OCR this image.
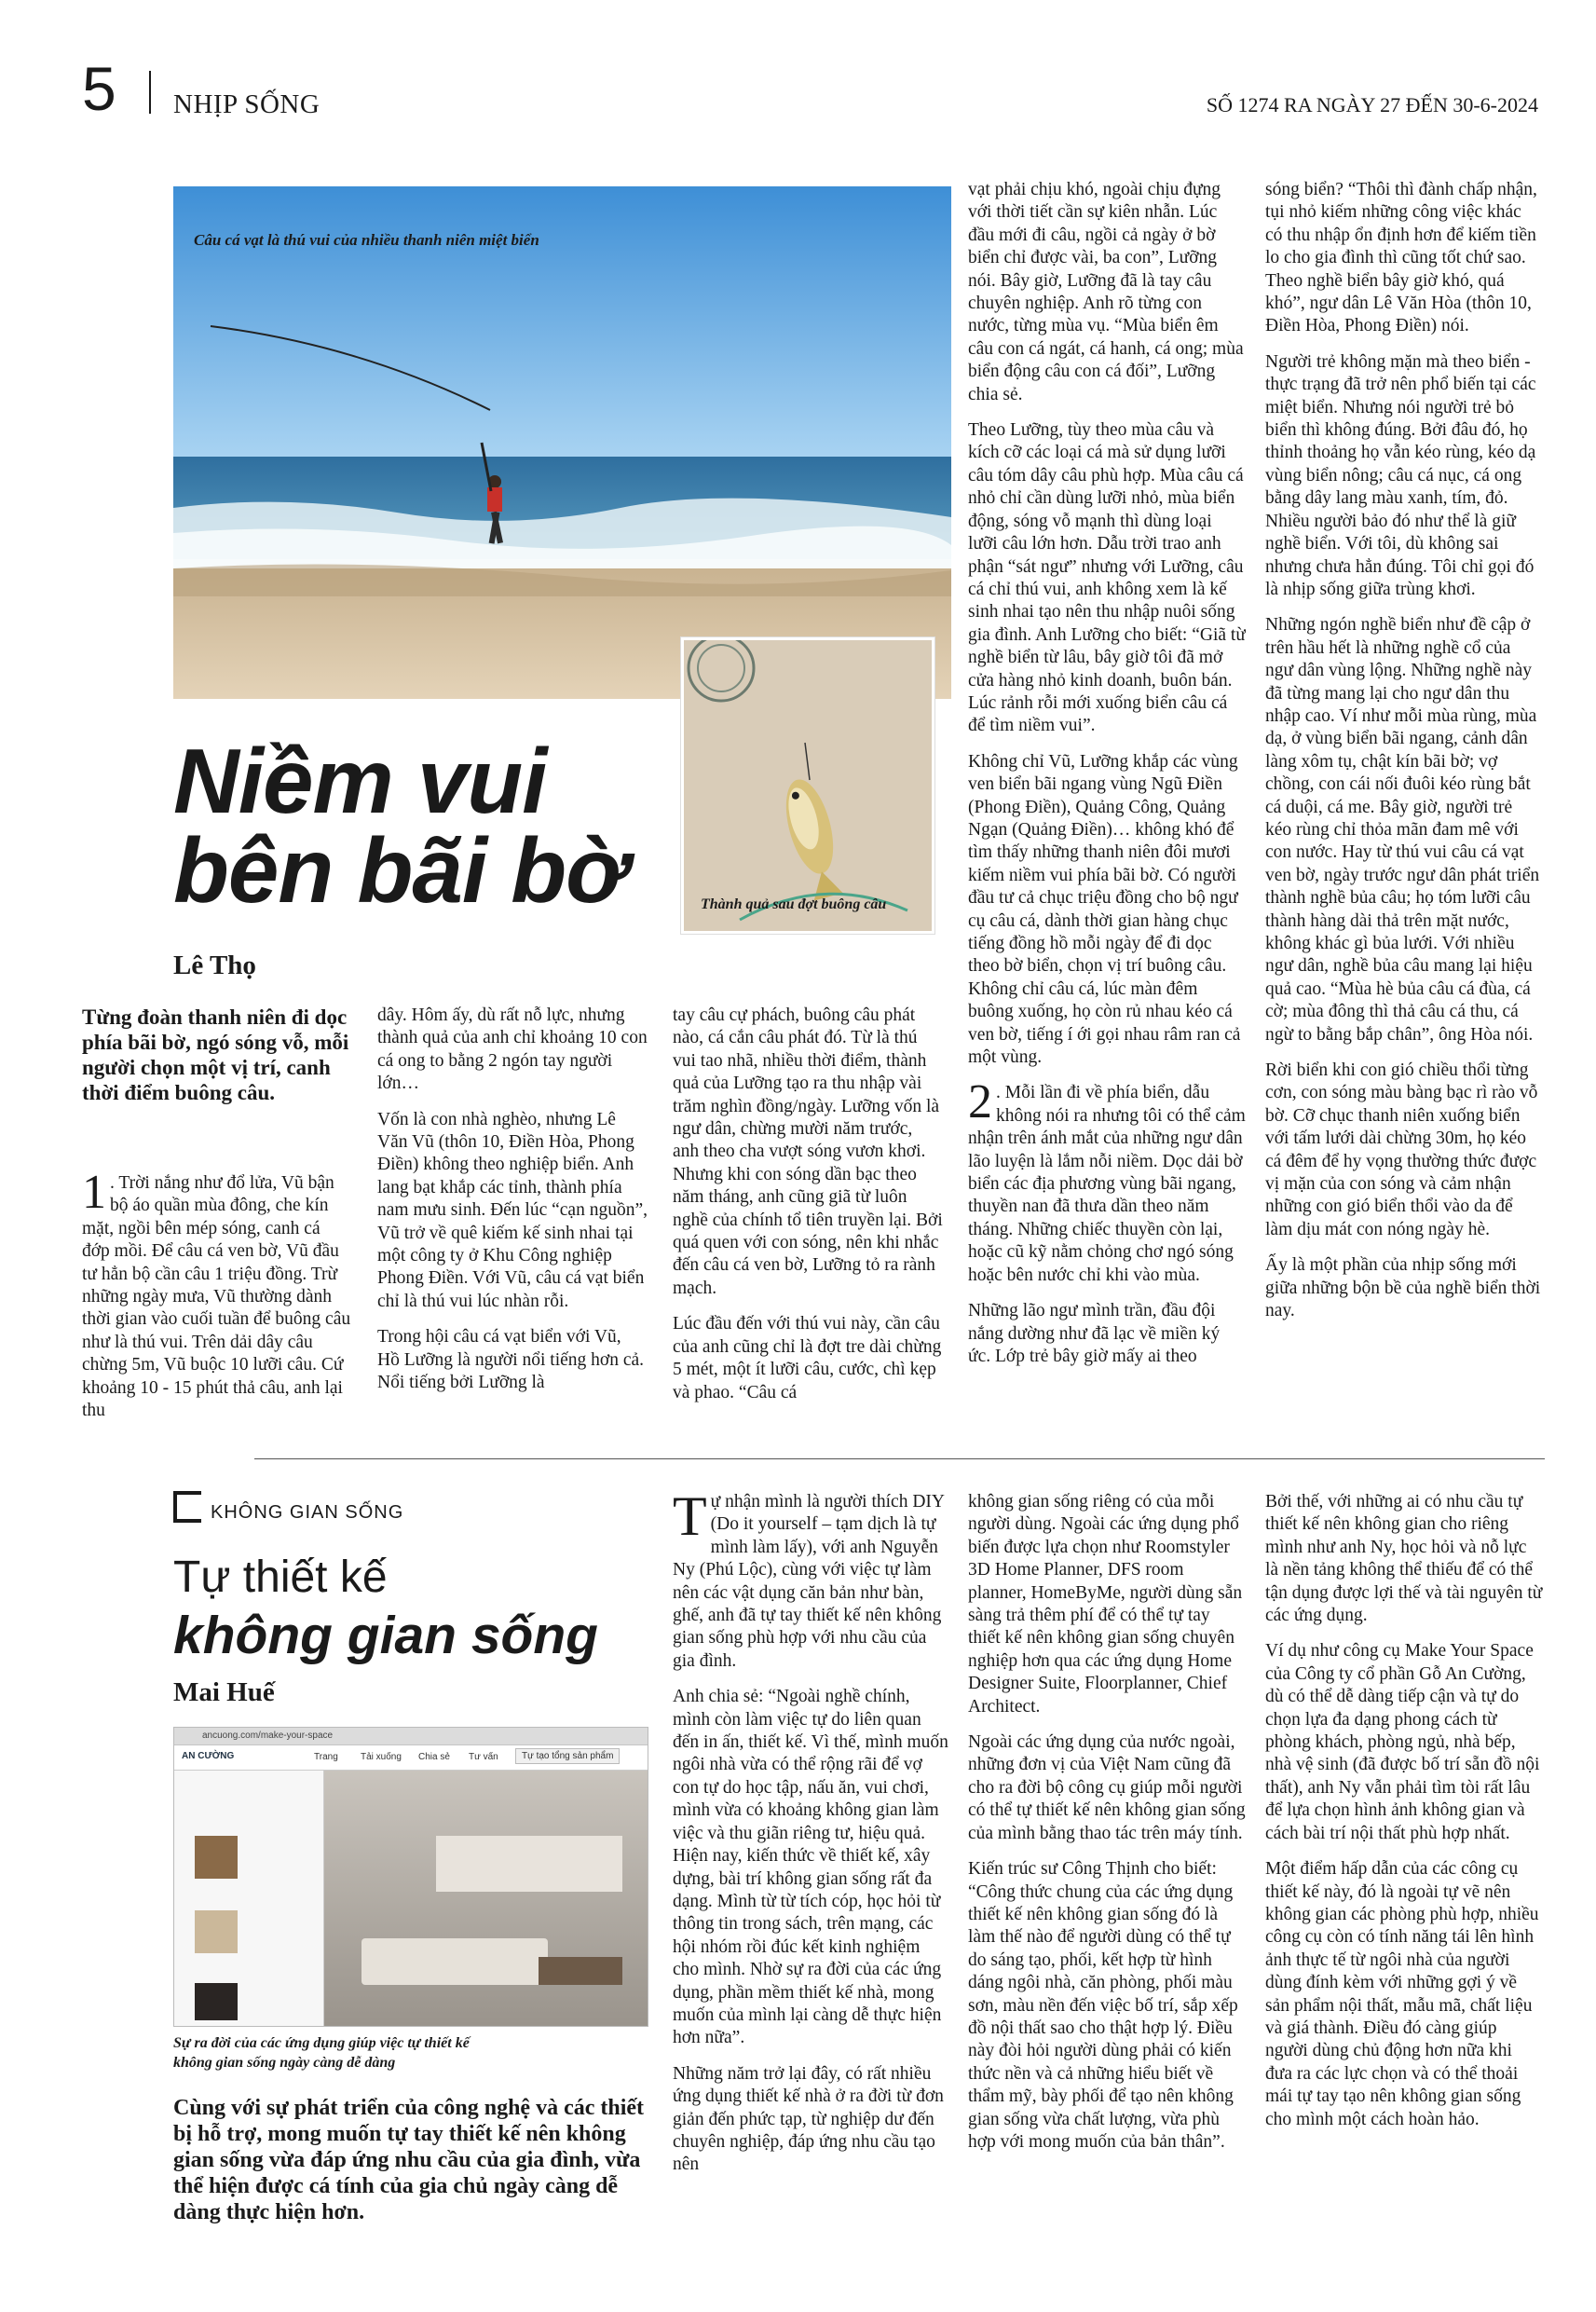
5 NHỊP SỐNG	SỐ 1274 RA NGÀY 27 ĐẾN 30-6-2024
Câu cá vạt là thú vui của nhiều thanh niên miệt biển
Thành quả sau đợt buông câu
Niềm vui
bên bãi bờ
Lê Thọ
Từng đoàn thanh niên đi dọc phía bãi bờ, ngó sóng vỗ, mỗi người chọn một vị trí, canh thời điểm buông câu.

1 . Trời nắng như đổ lửa, Vũ bận bộ áo quần mùa đông, che kín mặt, ngồi bên mép sóng, canh cá đớp mồi. Để câu cá ven bờ, Vũ đầu tư hẳn bộ cần câu 1 triệu đồng. Trừ những ngày mưa, Vũ thường dành thời gian vào cuối tuần để buông câu như là thú vui. Trên dải dây câu chừng 5m, Vũ buộc 10 lưỡi câu. Cứ khoảng 10 - 15 phút thả câu, anh lại thu

dây. Hôm ấy, dù rất nỗ lực, nhưng thành quả của anh chỉ khoảng 10 con cá ong to bằng 2 ngón tay người lớn…

Vốn là con nhà nghèo, nhưng Lê Văn Vũ (thôn 10, Điền Hòa, Phong Điền) không theo nghiệp biển. Anh lang bạt khắp các tỉnh, thành phía nam mưu sinh. Đến lúc “cạn nguồn”, Vũ trở về quê kiếm kế sinh nhai tại một công ty ở Khu Công nghiệp Phong Điền. Với Vũ, câu cá vạt biển chỉ là thú vui lúc nhàn rỗi.

Trong hội câu cá vạt biển với Vũ, Hồ Lưỡng là người nổi tiếng hơn cả. Nổi tiếng bởi Lưỡng là

tay câu cự phách, buông câu phát nào, cá cắn câu phát đó. Từ là thú vui tao nhã, nhiều thời điểm, thành quả của Lưỡng tạo ra thu nhập vài trăm nghìn đồng/ngày. Lưỡng vốn là ngư dân, chừng mười năm trước, anh theo cha vượt sóng vươn khơi. Nhưng khi con sóng dần bạc theo năm tháng, anh cũng giã từ luôn nghề của chính tổ tiên truyền lại. Bởi quá quen với con sóng, nên khi nhắc đến câu cá ven bờ, Lưỡng tỏ ra rành mạch.

Lúc đầu đến với thú vui này, cần câu của anh cũng chỉ là đợt tre dài chừng 5 mét, một ít lưỡi câu, cước, chì kẹp và phao. “Câu cá

vạt phải chịu khó, ngoài chịu đựng với thời tiết cần sự kiên nhẫn. Lúc đầu mới đi câu, ngồi cả ngày ở bờ biển chỉ được vài, ba con”, Lưỡng nói. Bây giờ, Lưỡng đã là tay câu chuyên nghiệp. Anh rõ từng con nước, từng mùa vụ. “Mùa biển êm câu con cá ngát, cá hanh, cá ong; mùa biển động câu con cá đối”, Lưỡng chia sẻ.

Theo Lưỡng, tùy theo mùa câu và kích cỡ các loại cá mà sử dụng lưỡi câu tóm dây câu phù hợp. Mùa câu cá nhỏ chỉ cần dùng lưỡi nhỏ, mùa biển động, sóng vỗ mạnh thì dùng loại lưỡi câu lớn hơn. Dẫu trời trao anh phận “sát ngư” nhưng với Lưỡng, câu cá chỉ thú vui, anh không xem là kế sinh nhai tạo nên thu nhập nuôi sống gia đình. Anh Lưỡng cho biết: “Giã từ nghề biển từ lâu, bây giờ tôi đã mở cửa hàng nhỏ kinh doanh, buôn bán. Lúc rảnh rỗi mới xuống biển câu cá để tìm niềm vui”.

Không chỉ Vũ, Lưỡng khắp các vùng ven biển bãi ngang vùng Ngũ Điền (Phong Điền), Quảng Công, Quảng Ngạn (Quảng Điền)… không khó để tìm thấy những thanh niên đôi mươi kiếm niềm vui phía bãi bờ. Có người đầu tư cả chục triệu đồng cho bộ ngư cụ câu cá, dành thời gian hàng chục tiếng đồng hồ mỗi ngày để đi dọc theo bờ biển, chọn vị trí buông câu. Không chỉ câu cá, lúc màn đêm buông xuống, họ còn rủ nhau kéo cá ven bờ, tiếng í ới gọi nhau râm ran cả một vùng.

2 . Mỗi lần đi về phía biển, dẫu không nói ra nhưng tôi có thể cảm nhận trên ánh mắt của những ngư dân lão luyện là lắm nỗi niềm. Dọc dải bờ biển các địa phương vùng bãi ngang, thuyền nan đã thưa dần theo năm tháng. Những chiếc thuyền còn lại, hoặc cũ kỹ nằm chỏng chơ ngó sóng hoặc bên nước chỉ khi vào mùa.

Những lão ngư mình trần, đầu đội nắng dường như đã lạc về miền ký ức. Lớp trẻ bây giờ mấy ai theo

sóng biển? “Thôi thì đành chấp nhận, tụi nhỏ kiếm những công việc khác có thu nhập ổn định hơn để kiếm tiền lo cho gia đình thì cũng tốt chứ sao. Theo nghề biển bây giờ khó, quá khó”, ngư dân Lê Văn Hòa (thôn 10, Điền Hòa, Phong Điền) nói.

Người trẻ không mặn mà theo biển - thực trạng đã trở nên phổ biến tại các miệt biển. Nhưng nói người trẻ bỏ biển thì không đúng. Bởi đâu đó, họ thỉnh thoảng họ vẫn kéo rùng, kéo dạ vùng biển nông; câu cá nục, cá ong bằng dây lang màu xanh, tím, đỏ. Nhiều người bảo đó như thể là giữ nghề biển. Với tôi, dù không sai nhưng chưa hẳn đúng. Tôi chỉ gọi đó là nhịp sống giữa trùng khơi.

Những ngón nghề biển như đề cập ở trên hầu hết là những nghề cổ của ngư dân vùng lộng. Những nghề này đã từng mang lại cho ngư dân thu nhập cao. Ví như mỗi mùa rùng, mùa dạ, ở vùng biển bãi ngang, cảnh dân làng xôm tụ, chật kín bãi bờ; vợ chồng, con cái nối đuôi kéo rùng bắt cá duội, cá me. Bây giờ, người trẻ kéo rùng chỉ thỏa mãn đam mê với con nước. Hay từ thú vui câu cá vạt ven bờ, ngày trước ngư dân phát triển thành nghề bủa câu; họ tóm lưỡi câu thành hàng dài thả trên mặt nước, không khác gì bủa lưới. Với nhiều ngư dân, nghề bủa câu mang lại hiệu quả cao. “Mùa hè bủa câu cá đùa, cá cờ; mùa đông thì thả câu cá thu, cá ngừ to bằng bắp chân”, ông Hòa nói.

Rời biển khi con gió chiều thổi từng cơn, con sóng màu bàng bạc rì rào vỗ bờ. Cỡ chục thanh niên xuống biển với tấm lưới dài chừng 30m, họ kéo cá đêm để hy vọng thường thức được vị mặn của con sóng và cảm nhận những con gió biển thổi vào da để làm dịu mát con nóng ngày hè.

Ấy là một phần của nhịp sống mới giữa những bộn bề của nghề biển thời nay.

KHÔNG GIAN SỐNG
Tự thiết kế
không gian sống
Mai Huế
ancuong.com/make-your-space
AN CƯỜNG	Trang Tải xuống Chia sẻ Tư vấn	Tự tạo tổng sản phẩm
Sự ra đời của các ứng dụng giúp việc tự thiết kế
không gian sống ngày càng dễ dàng
Cùng với sự phát triển của công nghệ và các thiết bị hỗ trợ, mong muốn tự tay thiết kế nên không gian sống vừa đáp ứng nhu cầu của gia đình, vừa thể hiện được cá tính của gia chủ ngày càng dễ dàng thực hiện hơn.

Tự nhận mình là người thích DIY (Do it yourself – tạm dịch là tự mình làm lấy), với anh Nguyễn Ny (Phú Lộc), cùng với việc tự làm nên các vật dụng căn bản như bàn, ghế, anh đã tự tay thiết kế nên không gian sống phù hợp với nhu cầu của gia đình.

Anh chia sẻ: “Ngoài nghề chính, mình còn làm việc tự do liên quan đến in ấn, thiết kế. Vì thế, mình muốn ngôi nhà vừa có thể rộng rãi để vợ con tự do học tập, nấu ăn, vui chơi, mình vừa có khoảng không gian làm việc và thu giãn riêng tư, hiệu quả. Hiện nay, kiến thức về thiết kế, xây dựng, bài trí không gian sống rất đa dạng. Mình từ từ tích cóp, học hỏi từ thông tin trong sách, trên mạng, các hội nhóm rồi đúc kết kinh nghiệm cho mình. Nhờ sự ra đời của các ứng dụng, phần mềm thiết kế nhà, mong muốn của mình lại càng dễ thực hiện hơn nữa”.

Những năm trở lại đây, có rất nhiều ứng dụng thiết kế nhà ở ra đời từ đơn giản đến phức tạp, từ nghiệp dư đến chuyên nghiệp, đáp ứng nhu cầu tạo nên

không gian sống riêng có của mỗi người dùng. Ngoài các ứng dụng phổ biến được lựa chọn như Roomstyler 3D Home Planner, DFS room planner, HomeByMe, người dùng sẵn sàng trả thêm phí để có thể tự tay thiết kế nên không gian sống chuyên nghiệp hơn qua các ứng dụng Home Designer Suite, Floorplanner, Chief Architect.

Ngoài các ứng dụng của nước ngoài, những đơn vị của Việt Nam cũng đã cho ra đời bộ công cụ giúp mỗi người có thể tự thiết kế nên không gian sống của mình bằng thao tác trên máy tính.

Kiến trúc sư Công Thịnh cho biết: “Công thức chung của các ứng dụng thiết kế nên không gian sống đó là làm thế nào để người dùng có thể tự do sáng tạo, phối, kết hợp từ hình dáng ngôi nhà, căn phòng, phối màu sơn, màu nền đến việc bố trí, sắp xếp đồ nội thất sao cho thật hợp lý. Điều này đòi hỏi người dùng phải có kiến thức nền và cả những hiểu biết về thẩm mỹ, bày phối để tạo nên không gian sống vừa chất lượng, vừa phù hợp với mong muốn của bản thân”.

Bởi thế, với những ai có nhu cầu tự thiết kế nên không gian cho riêng mình như anh Ny, học hỏi và nỗ lực là nền tảng không thể thiếu để có thể tận dụng được lợi thế và tài nguyên từ các ứng dụng.

Ví dụ như công cụ Make Your Space của Công ty cổ phần Gỗ An Cường, dù có thể dễ dàng tiếp cận và tự do chọn lựa đa dạng phong cách từ phòng khách, phòng ngủ, nhà bếp, nhà vệ sinh (đã được bố trí sẵn đồ nội thất), anh Ny vẫn phải tìm tòi rất lâu để lựa chọn hình ảnh không gian và cách bài trí nội thất phù hợp nhất.

Một điểm hấp dẫn của các công cụ thiết kế này, đó là ngoài tự vẽ nên không gian các phòng phù hợp, nhiều công cụ còn có tính năng tái lên hình ảnh thực tế từ ngôi nhà của người dùng đính kèm với những gợi ý về sản phẩm nội thất, mẫu mã, chất liệu và giá thành. Điều đó càng giúp người dùng chủ động hơn nữa khi đưa ra các lực chọn và có thể thoải mái tự tay tạo nên không gian sống cho mình một cách hoàn hảo.
